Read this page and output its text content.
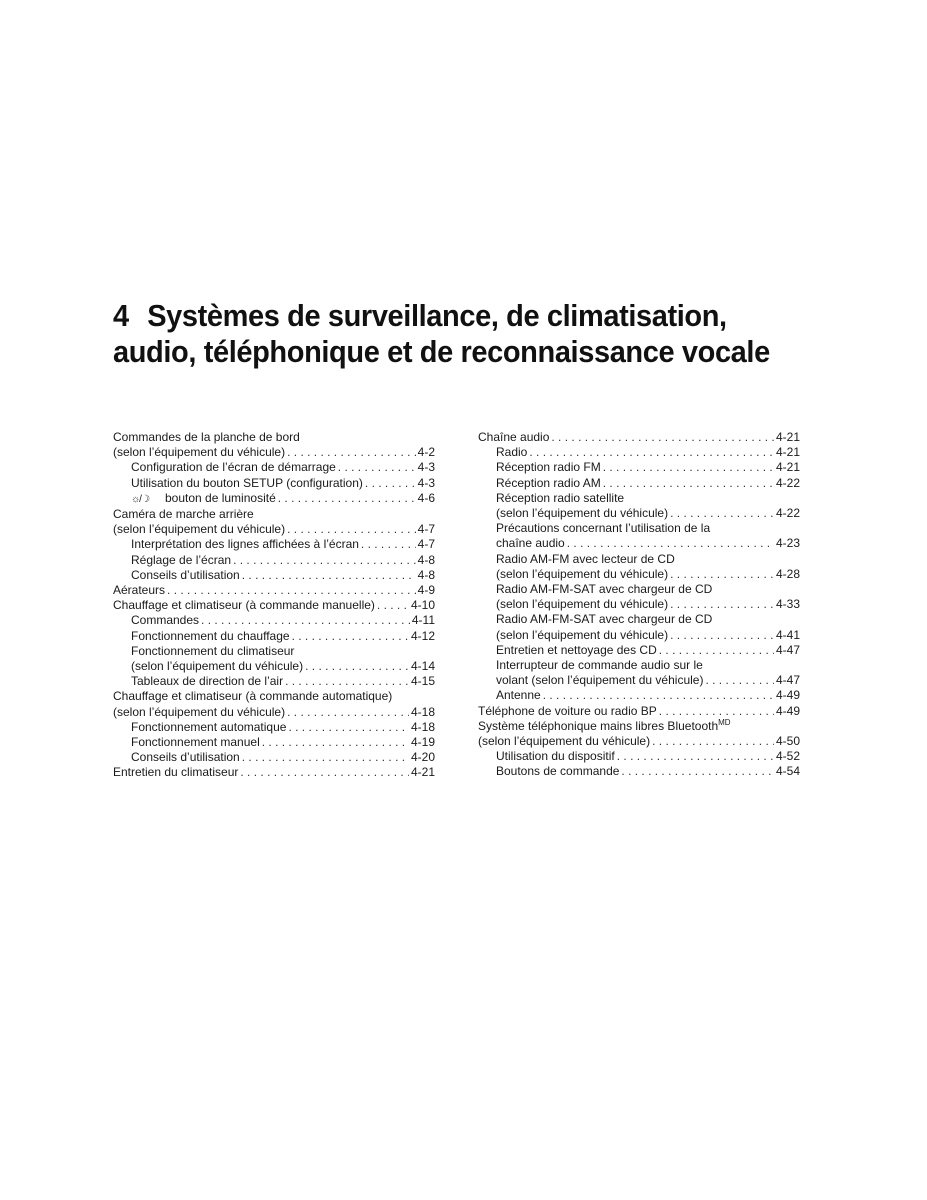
4 Systèmes de surveillance, de climatisation,
audio, téléphonique et de reconnaissance vocale
Commandes de la planche de bord
(selon l’équipement du véhicule) . . .	4-2
Configuration de l’écran de démarrage . . .	4-3
Utilisation du bouton SETUP (configuration) . . .	4-3
☼/☽ bouton de luminosité . . .	4-6
Caméra de marche arrière
(selon l’équipement du véhicule) . . .	4-7
Interprétation des lignes affichées à l’écran . . .	4-7
Réglage de l’écran . . .	4-8
Conseils d’utilisation . . .	4-8
Aérateurs . . .	4-9
Chauffage et climatiseur (à commande manuelle) . . .	4-10
Commandes . . .	4-11
Fonctionnement du chauffage . . .	4-12
Fonctionnement du climatiseur
(selon l’équipement du véhicule) . . .	4-14
Tableaux de direction de l’air . . .	4-15
Chauffage et climatiseur (à commande automatique)
(selon l’équipement du véhicule) . . .	4-18
Fonctionnement automatique . . .	4-18
Fonctionnement manuel . . .	4-19
Conseils d’utilisation . . .	4-20
Entretien du climatiseur . . .	4-21
Chaîne audio . . .	4-21
Radio . . .	4-21
Réception radio FM . . .	4-21
Réception radio AM . . .	4-22
Réception radio satellite
(selon l’équipement du véhicule) . . .	4-22
Précautions concernant l’utilisation de la
chaîne audio . . .	4-23
Radio AM-FM avec lecteur de CD
(selon l’équipement du véhicule) . . .	4-28
Radio AM-FM-SAT avec chargeur de CD
(selon l’équipement du véhicule) . . .	4-33
Radio AM-FM-SAT avec chargeur de CD
(selon l’équipement du véhicule) . . .	4-41
Entretien et nettoyage des CD . . .	4-47
Interrupteur de commande audio sur le
volant (selon l’équipement du véhicule) . . .	4-47
Antenne . . .	4-49
Téléphone de voiture ou radio BP . . .	4-49
Système téléphonique mains libres Bluetooth$^{MD}$
(selon l’équipement du véhicule) . . .	4-50
Utilisation du dispositif . . .	4-52
Boutons de commande . . .	4-54
